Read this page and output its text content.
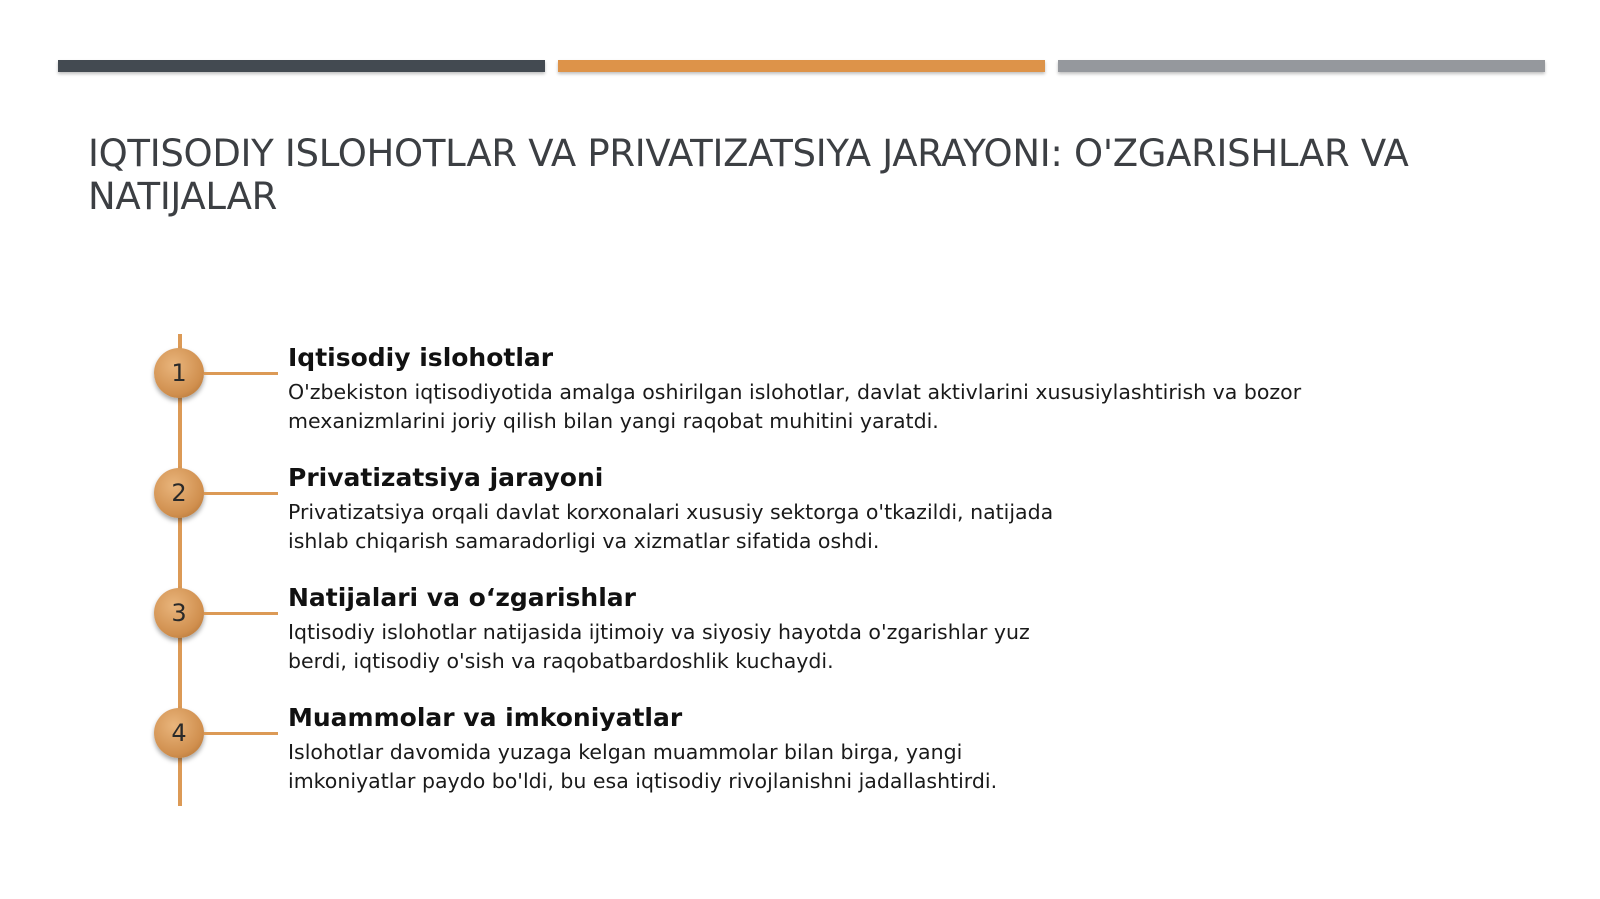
IQTISODIY ISLOHOTLAR VA PRIVATIZATSIYA JARAYONI: O'ZGARISHLAR VA NATIJALAR
1
Iqtisodiy islohotlar

O'zbekiston iqtisodiyotida amalga oshirilgan islohotlar, davlat aktivlarini xususiylashtirish va bozor mexanizmlarini joriy qilish bilan yangi raqobat muhitini yaratdi.

2
Privatizatsiya jarayoni

Privatizatsiya orqali davlat korxonalari xususiy sektorga o'tkazildi, natijada ishlab chiqarish samaradorligi va xizmatlar sifatida oshdi.

3
Natijalari va o‘zgarishlar

Iqtisodiy islohotlar natijasida ijtimoiy va siyosiy hayotda o'zgarishlar yuz berdi, iqtisodiy o'sish va raqobatbardoshlik kuchaydi.

4
Muammolar va imkoniyatlar

Islohotlar davomida yuzaga kelgan muammolar bilan birga, yangi imkoniyatlar paydo bo'ldi, bu esa iqtisodiy rivojlanishni jadallashtirdi.
